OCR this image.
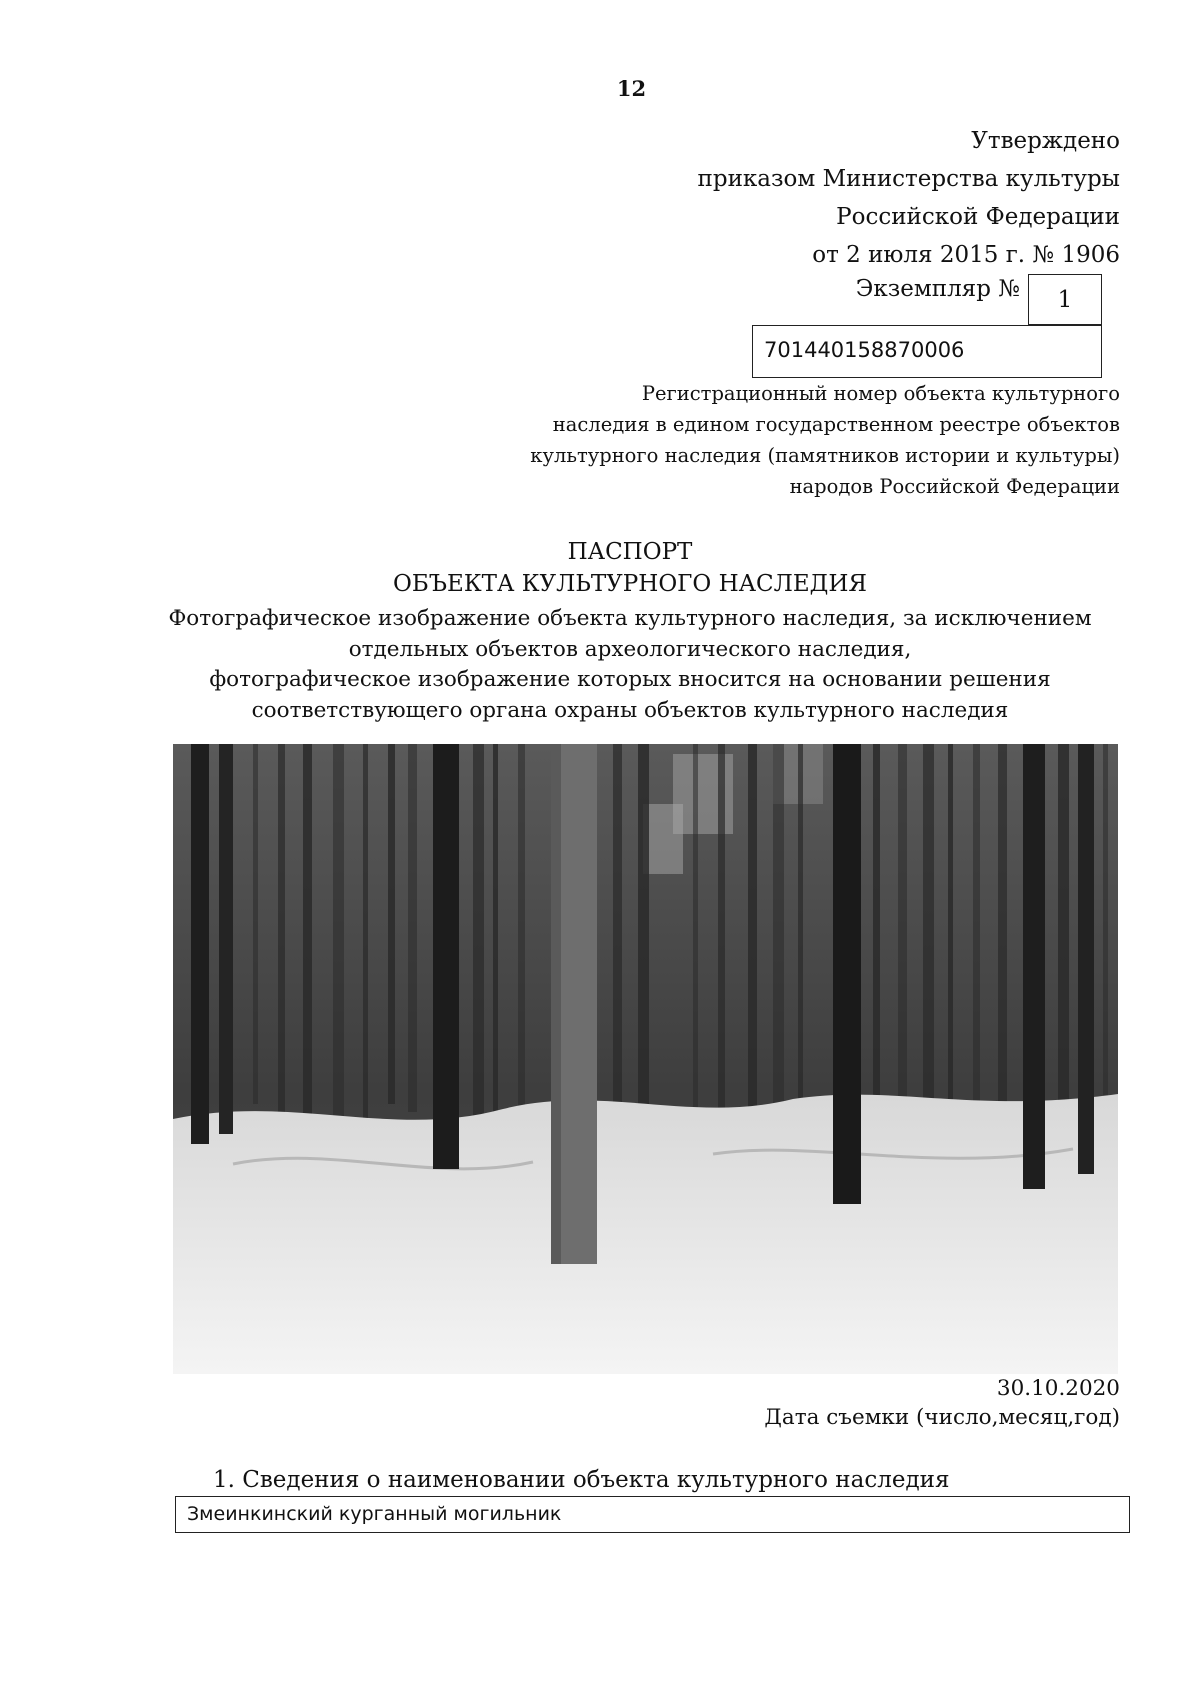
12
Утверждено
приказом Министерства культуры
Российской Федерации
от 2 июля 2015 г. № 1906
Экземпляр № 1
701440158870006
Регистрационный номер объекта культурного
наследия в едином государственном реестре объектов
культурного наследия (памятников истории и культуры)
народов Российской Федерации
ПАСПОРТ
ОБЪЕКТА КУЛЬТУРНОГО НАСЛЕДИЯ
Фотографическое изображение объекта культурного наследия, за исключением
отдельных объектов археологического наследия,
фотографическое изображение которых вносится на основании решения
соответствующего органа охраны объектов культурного наследия
30.10.2020
Дата съемки (число,месяц,год)
1. Сведения о наименовании объекта культурного наследия
Змеинкинский курганный могильник
